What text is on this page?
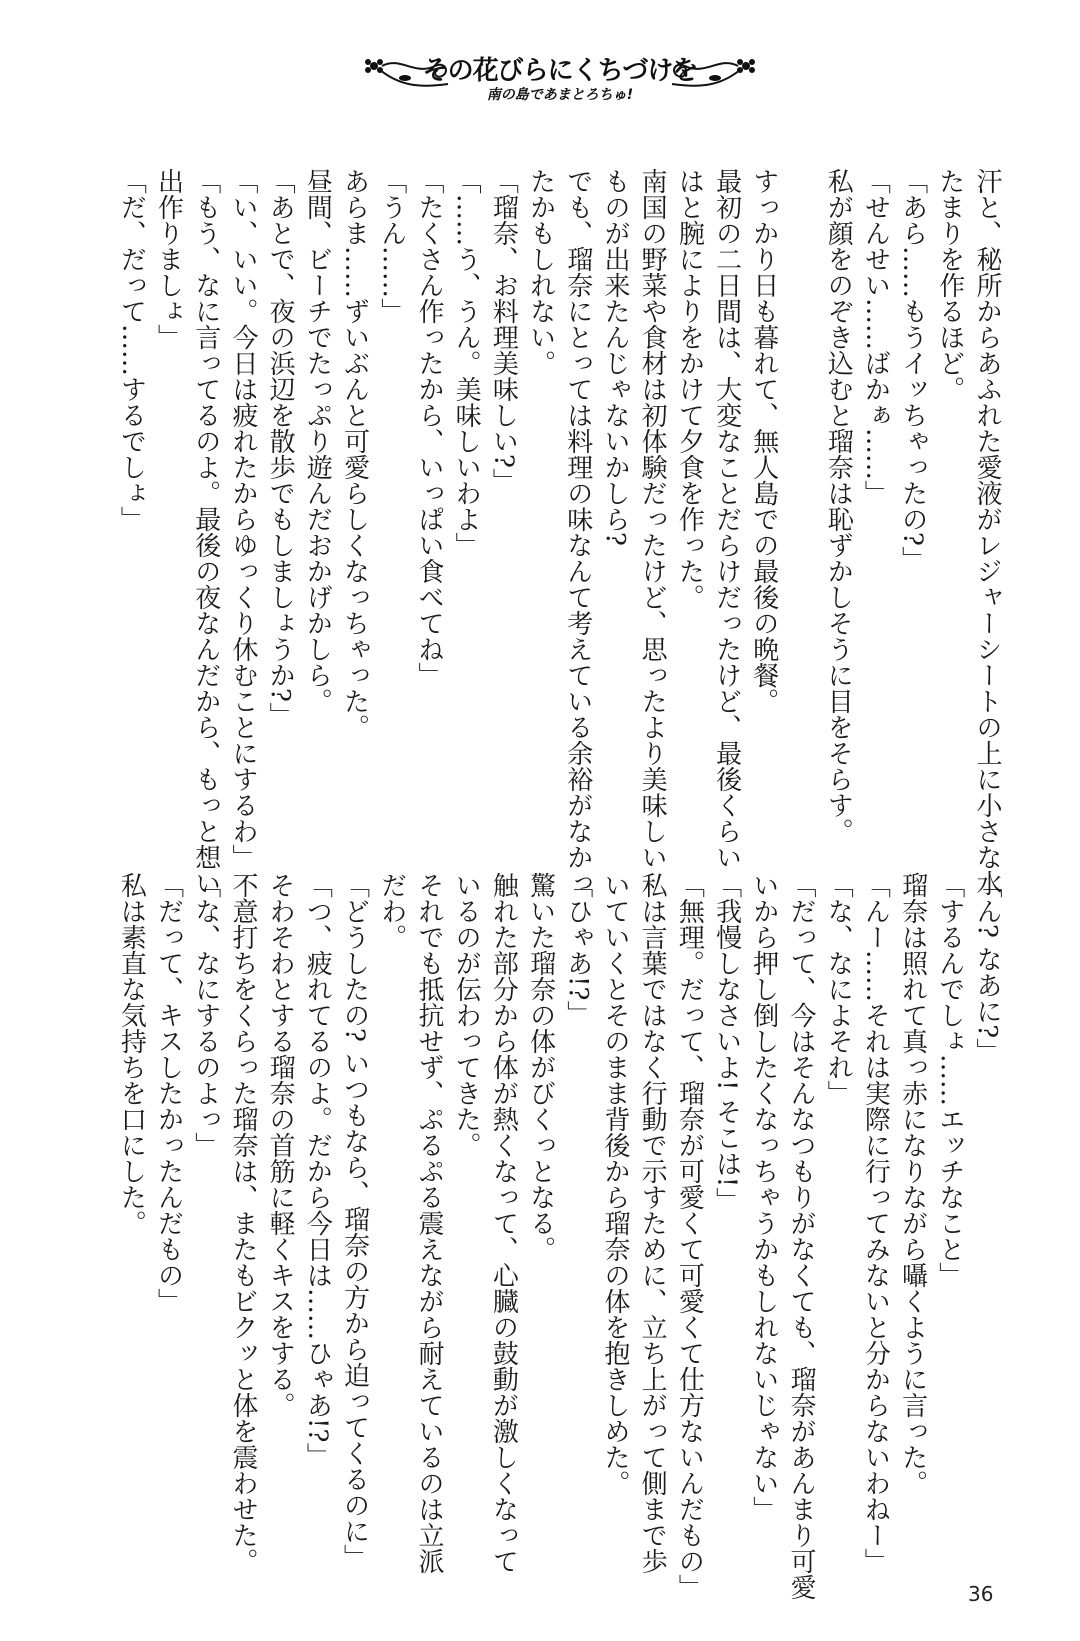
その花びらにくちづけを
南の島であまとろちゅ!
汗と、秘所からあふれた愛液がレジャーシートの上に小さな水
たまりを作るほど。
「あら……もうイッちゃったの?」
「せんせい……ばかぁ……」
私が顔をのぞき込むと瑠奈は恥ずかしそうに目をそらす。

すっかり日も暮れて、無人島での最後の晩餐。
最初の二日間は、大変なことだらけだったけど、最後くらい
はと腕によりをかけて夕食を作った。
南国の野菜や食材は初体験だったけど、思ったより美味しい
ものが出来たんじゃないかしら?
でも、瑠奈にとっては料理の味なんて考えている余裕がなかっ
たかもしれない。
「瑠奈、お料理美味しい?」
「……う、うん。美味しいわよ」
「たくさん作ったから、いっぱい食べてね」
「うん……」
あらま……ずいぶんと可愛らしくなっちゃった。
昼間、ビーチでたっぷり遊んだおかげかしら。
「あとで、夜の浜辺を散歩でもしましょうか?」
「い、いい。今日は疲れたからゆっくり休むことにするわ」
「もう、なに言ってるのよ。最後の夜なんだから、もっと想い
出作りましょ」
「だ、だって……するでしょ」
「ん? なあに?」
「するんでしょ……エッチなこと」
瑠奈は照れて真っ赤になりながら囁くように言った。
「んー……それは実際に行ってみないと分からないわねー」
「な、なによそれ」
「だって、今はそんなつもりがなくても、瑠奈があんまり可愛
いから押し倒したくなっちゃうかもしれないじゃない」
「我慢しなさいよ! そこは!」
「無理。だって、瑠奈が可愛くて可愛くて仕方ないんだもの」
私は言葉ではなく行動で示すために、立ち上がって側まで歩
いていくとそのまま背後から瑠奈の体を抱きしめた。
「ひゃあ!?」
驚いた瑠奈の体がびくっとなる。
触れた部分から体が熱くなって、心臓の鼓動が激しくなって
いるのが伝わってきた。
それでも抵抗せず、ぷるぷる震えながら耐えているのは立派
だわ。
「どうしたの? いつもなら、瑠奈の方から迫ってくるのに」
「つ、疲れてるのよ。だから今日は……ひゃあ!?」
そわそわとする瑠奈の首筋に軽くキスをする。
不意打ちをくらった瑠奈は、またもビクッと体を震わせた。
「な、なにするのよっ」
「だって、キスしたかったんだもの」
私は素直な気持ちを口にした。
36
